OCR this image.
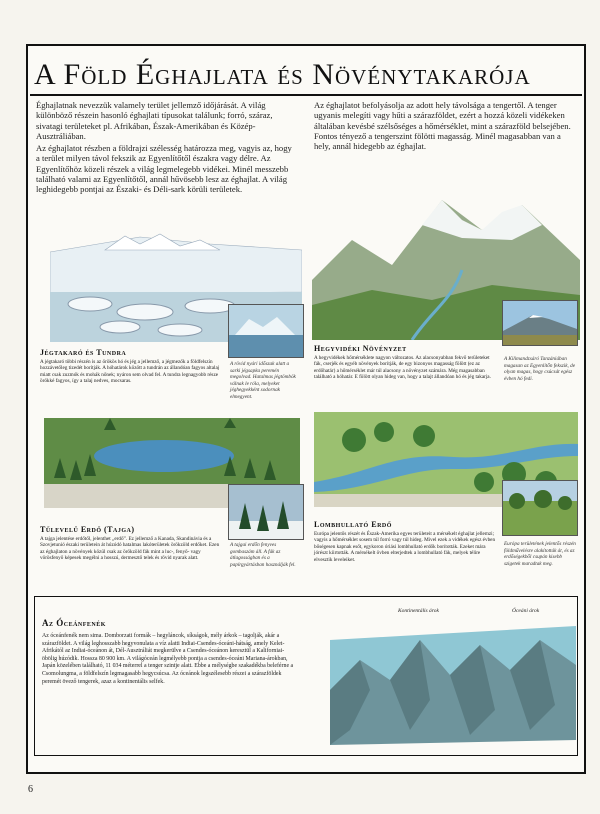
A Föld Éghajlata és Növénytakarója

Éghajlatnak nevezzük valamely terület jellemző időjárását. A világ különböző részein hasonló éghajlati típusokat találunk; forró, száraz, sivatagi területeket pl. Afrikában, Észak-Amerikában és Közép-Ausztráliában.

Az éghajlatot részben a földrajzi szélesség határozza meg, vagyis az, hogy a terület milyen távol fekszik az Egyenlítőtől északra vagy délre. Az Egyenlítőhöz közeli részek a világ legmelegebb vidékei. Minél messzebb található valami az Egyenlítőtől, annál hűvösebb lesz az éghajlat. A világ leghidegebb pontjai az Északi- és Déli-sark körüli területek.

Az éghajlatot befolyásolja az adott hely távolsága a tengertől. A tenger ugyanis melegíti vagy hűti a szárazföldet, ezért a hozzá közeli vidékeken általában kevésbé szélsőséges a hőmérséklet, mint a szárazföld belsejében. Fontos tényező a tengerszint fölötti magasság. Minél magasabban van a hely, annál hidegebb az éghajlat.

Jégtakaró és Tundra

A jégtakaró többi részén is az örökös hó és jég a jellemző, a jégmezők a földfelszín hozzávetőleg tizedét borítják. A hóhatárok között a tundrán az állandóan fagyos altalaj miatt csak zuzmók és mohák nőnek; nyáron sem olvad fel. A tundra legnagyobb része örökké fagyos, így a talaj nedves, mocsaras.

A rövid nyári időszak alatt a sarki jégsapka peremén megolvad. Hatalmas jégtömbök válnak le róla, melyeket jéghegyekként sodornak elmegyent.

Hegyvidéki Növényzet

A hegyvidékek hőmérséklete nagyon változatos. Az alacsonyabban fekvő területeket fák, cserjék és egyéb növények borítják, de egy bizonyos magasság fölött (ez az erdőhatár) a hőmérséklet már túl alacsony a növényzet számára. Még magasabban található a hóhatár. E fölött olyan hideg van, hogy a talajt állandóan hó és jég takarja.

A Kilimandzsáró Tanzániában magasan az Egyenlítőn fekszik, de olyan magas, hogy csúcsát egész évben hó fedi.

Tűlevelű Erdő (Tajga)

A tajga jelentése erdőtől, jelenthet „erdő”. Ez jellemző a Kanada, Skandinávia és a Szovjetunió északi területein át húzódó hatalmas lakóterületek örökzöld erdőket. Ezen az éghajlaton a növények közül csak az örökzöld fák mint a luc-, fenyő- vagy vörösfenyő képesek megélni a hosszú, dermesztő telek és rövid nyarak alatt.

A tajgai erdőn fenyves gombaszám áll. A fák az átlagosságban és a papírgyártásban használják fel.

Lombhullató Erdő

Európa jelentős részét és Észak-Amerika egyes területeit a mérsékelt éghajlat jellemzi; vagyis a hőmérséklet sosem túl forró vagy túl hideg. Mivel ezek a vidékek egész évben bőségesen kapnak esőt, egykoron óriási lombhullató erdők borították. Ezeket mára jórészt kiirtották. A mérsékelt övben elterjedtek a lombhullató fák, melyek télire elvesztik leveleiket.

Európa területének jelentős részén földművelésre alakították át, és az erdőségekből csupán kisebb szigetek maradtak meg.

Az Óceánfenék

Az óceánfenék nem sima. Domborzati formák – hegyláncok, síkságok, mély árkok – tagolják, akár a szárazföldet. A világ leghosszabb hegyvonulata a víz alatti Indiai-Csendes-óceáni-hátság, amely Kelet-Afrikától az Indiai-óceánon át, Dél-Ausztráliát megkerülve a Csendes-óceánon keresztül a Kaliforniai-öbölig húzódik. Hossza 80 900 km. A világóceán legmélyebb pontja a csendes-óceáni Mariana-árokban, Japán közelében található, 11 034 méterrel a tenger szintje alatt. Ebbe a mélységbe szakadékba beleférne a Csomolungma, a földfelszín legmagasabb hegycsúcsa. Az óceánok legszélesebb részei a szárazföldek peremét övező tengerek, azaz a kontinentális selfek.

Kontinentális árok	Óceáni árok
6
